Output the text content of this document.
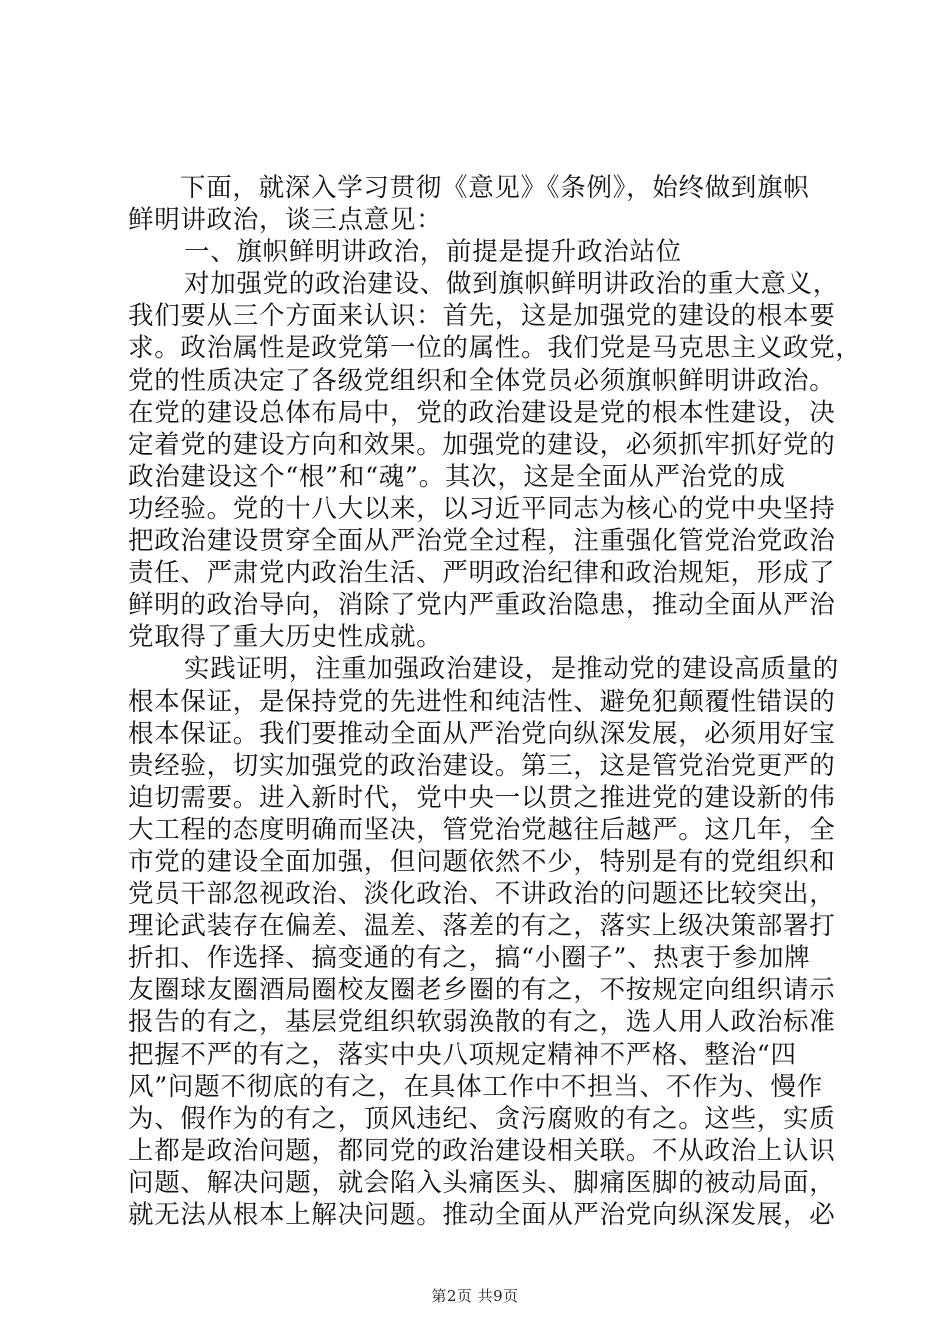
下面，就深入学习贯彻《意见》《条例》，始终做到旗帜
鲜明讲政治，谈三点意见：
一、旗帜鲜明讲政治，前提是提升政治站位
对加强党的政治建设、做到旗帜鲜明讲政治的重大意义，
我们要从三个方面来认识：首先，这是加强党的建设的根本要
求。政治属性是政党第一位的属性。我们党是马克思主义政党，
党的性质决定了各级党组织和全体党员必须旗帜鲜明讲政治。
在党的建设总体布局中，党的政治建设是党的根本性建设，决
定着党的建设方向和效果。加强党的建设，必须抓牢抓好党的
政治建设这个“根”和“魂”。其次，这是全面从严治党的成
功经验。党的十八大以来，以习近平同志为核心的党中央坚持
把政治建设贯穿全面从严治党全过程，注重强化管党治党政治
责任、严肃党内政治生活、严明政治纪律和政治规矩，形成了
鲜明的政治导向，消除了党内严重政治隐患，推动全面从严治
党取得了重大历史性成就。
实践证明，注重加强政治建设，是推动党的建设高质量的
根本保证，是保持党的先进性和纯洁性、避免犯颠覆性错误的
根本保证。我们要推动全面从严治党向纵深发展，必须用好宝
贵经验，切实加强党的政治建设。第三，这是管党治党更严的
迫切需要。进入新时代，党中央一以贯之推进党的建设新的伟
大工程的态度明确而坚决，管党治党越往后越严。这几年，全
市党的建设全面加强，但问题依然不少，特别是有的党组织和
党员干部忽视政治、淡化政治、不讲政治的问题还比较突出，
理论武装存在偏差、温差、落差的有之，落实上级决策部署打
折扣、作选择、搞变通的有之，搞“小圈子”、热衷于参加牌
友圈球友圈酒局圈校友圈老乡圈的有之，不按规定向组织请示
报告的有之，基层党组织软弱涣散的有之，选人用人政治标准
把握不严的有之，落实中央八项规定精神不严格、整治“四
风”问题不彻底的有之，在具体工作中不担当、不作为、慢作
为、假作为的有之，顶风违纪、贪污腐败的有之。这些，实质
上都是政治问题，都同党的政治建设相关联。不从政治上认识
问题、解决问题，就会陷入头痛医头、脚痛医脚的被动局面，
就无法从根本上解决问题。推动全面从严治党向纵深发展，必
第2页 共9页
